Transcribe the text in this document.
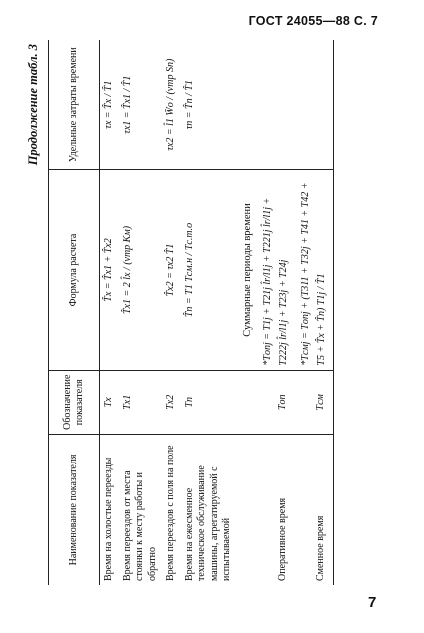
ГОСТ 24055—88 С. 7
Продолжение табл. 3
Наименование показателя	Обозначение показателя	Формула расчета	Удельные затраты времени
Время на холостые переезды	Tх	T̂х = T̂х1 + T̂х2	τх = T̂х / T̂1
Время переездов от места стоянки к месту работы и обратно	Tх1	T̂х1 = 2 l̂х / (vтр Kм)	τх1 = T̂х1 / T̂1
Время переездов с поля на поле	Tх2	T̂х2 = τх2 T̂1	τх2 = l̂1 W̄о / (vтр Sп)
Время на ежесменное техническое обслуживание машины, агрегатируемой с испытываемой	Tп	T̂п = T1 Tсм.н / Tс.т.о	τп = T̂п / T̂1
		Суммарные периоды времени	
Оперативное время	Tоп	*Tопj = T1j + T21j l̂r/l1j + T221j l̂r/l1j + T222j l̂r/l1j + T23j + T24j	
Сменное время	Tсм	*Tсмj = Tопj + (T311 + T32j + T41 + T42 + T5 + T̂х + T̂п) T1j / T̂1	
7
